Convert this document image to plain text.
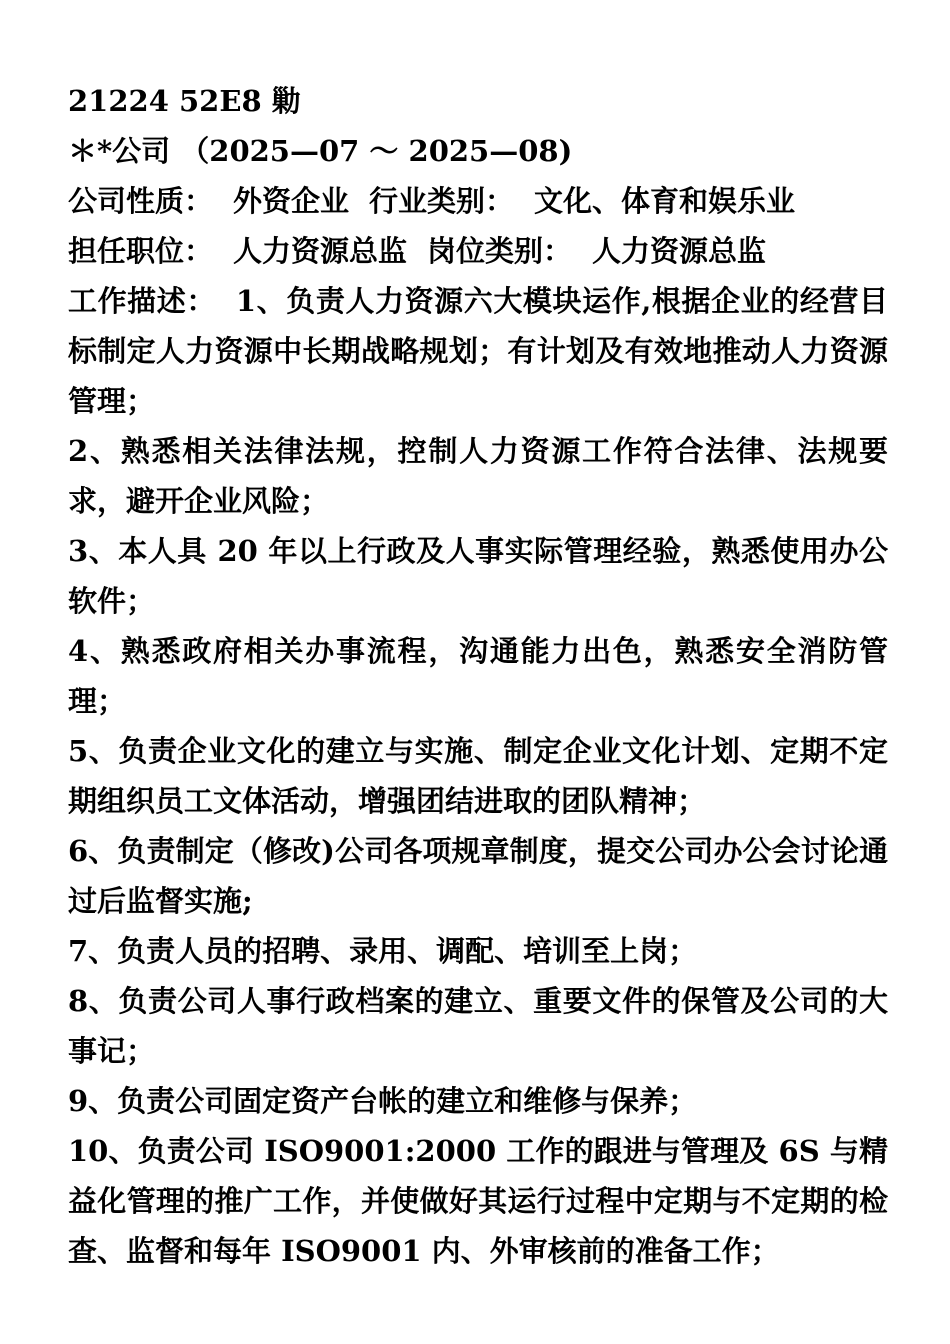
21224 52E8 勦

＊*公司 （2025—07 ～ 2025—08)

公司性质： 外资企业 行业类别： 文化、体育和娱乐业

担任职位： 人力资源总监 岗位类别： 人力资源总监

工作描述： 1、负责人力资源六大模块运作,根据企业的经营目标制定人力资源中长期战略规划；有计划及有效地推动人力资源管理；

2、熟悉相关法律法规，控制人力资源工作符合法律、法规要求，避开企业风险；

3、本人具 20 年以上行政及人事实际管理经验，熟悉使用办公软件；

4、熟悉政府相关办事流程，沟通能力出色，熟悉安全消防管理；

5、负责企业文化的建立与实施、制定企业文化计划、定期不定期组织员工文体活动，增强团结进取的团队精神；

6、负责制定（修改)公司各项规章制度，提交公司办公会讨论通过后监督实施;

7、负责人员的招聘、录用、调配、培训至上岗；

8、负责公司人事行政档案的建立、重要文件的保管及公司的大事记；

9、负责公司固定资产台帐的建立和维修与保养；

10、负责公司 ISO9001:2000 工作的跟进与管理及 6S 与精益化管理的推广工作，并使做好其运行过程中定期与不定期的检查、监督和每年 ISO9001 内、外审核前的准备工作；
